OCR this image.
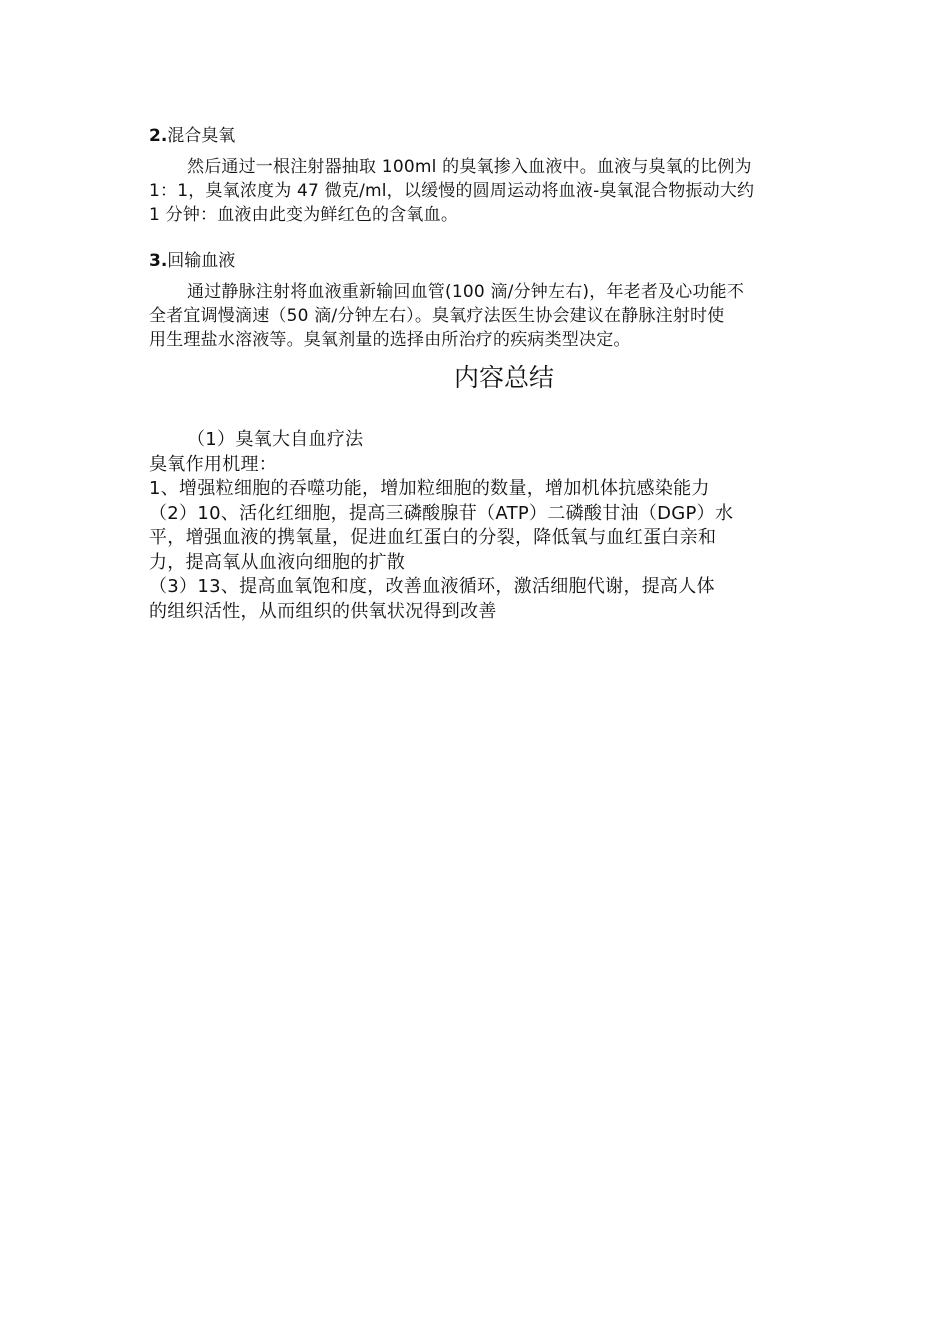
2.混合臭氧
然后通过一根注射器抽取 100ml 的臭氧掺入血液中。血液与臭氧的比例为
1：1，臭氧浓度为 47 微克/ml，以缓慢的圆周运动将血液-臭氧混合物振动大约
1 分钟：血液由此变为鲜红色的含氧血。
3.回输血液
通过静脉注射将血液重新输回血管(100 滴/分钟左右)，年老者及心功能不
全者宜调慢滴速（50 滴/分钟左右）。臭氧疗法医生协会建议在静脉注射时使
用生理盐水溶液等。臭氧剂量的选择由所治疗的疾病类型决定。
内容总结
（1）臭氧大自血疗法
臭氧作用机理：
1、增强粒细胞的吞噬功能，增加粒细胞的数量，增加机体抗感染能力
（2）10、活化红细胞，提高三磷酸腺苷（ATP）二磷酸甘油（DGP）水
平，增强血液的携氧量，促进血红蛋白的分裂，降低氧与血红蛋白亲和
力，提高氧从血液向细胞的扩散
（3）13、提高血氧饱和度，改善血液循环，激活细胞代谢，提高人体
的组织活性，从而组织的供氧状况得到改善
